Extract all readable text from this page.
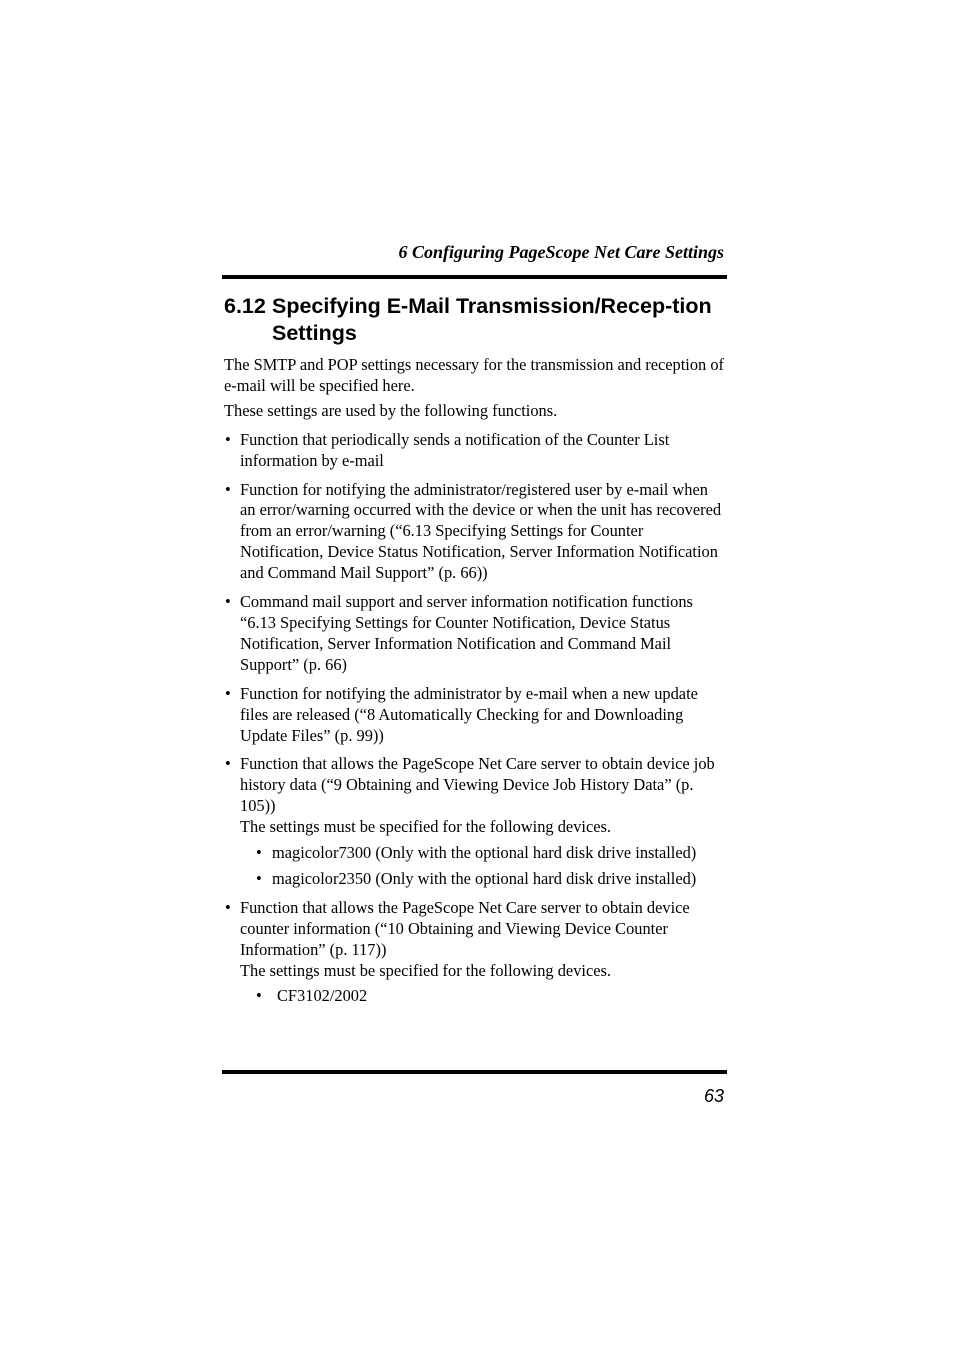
6 Configuring PageScope Net Care Settings
6.12 Specifying E-Mail Transmission/Recep-tion Settings

The SMTP and POP settings necessary for the transmission and reception of e-mail will be specified here.

These settings are used by the following functions.

• Function that periodically sends a notification of the Counter List information by e-mail
• Function for notifying the administrator/registered user by e-mail when an error/warning occurred with the device or when the unit has recovered from an error/warning (“6.13 Specifying Settings for Counter Notification, Device Status Notification, Server Information Notification and Command Mail Support” (p. 66))
• Command mail support and server information notification functions “6.13 Specifying Settings for Counter Notification, Device Status Notification, Server Information Notification and Command Mail Support” (p. 66)
• Function for notifying the administrator by e-mail when a new update files are released (“8 Automatically Checking for and Downloading Update Files” (p. 99))
• Function that allows the PageScope Net Care server to obtain device job history data (“9 Obtaining and Viewing Device Job History Data” (p. 105))
The settings must be specified for the following devices.
• magicolor7300 (Only with the optional hard disk drive installed)
• magicolor2350 (Only with the optional hard disk drive installed)
• Function that allows the PageScope Net Care server to obtain device counter information (“10 Obtaining and Viewing Device Counter Information” (p. 117))
The settings must be specified for the following devices.
• CF3102/2002
63
